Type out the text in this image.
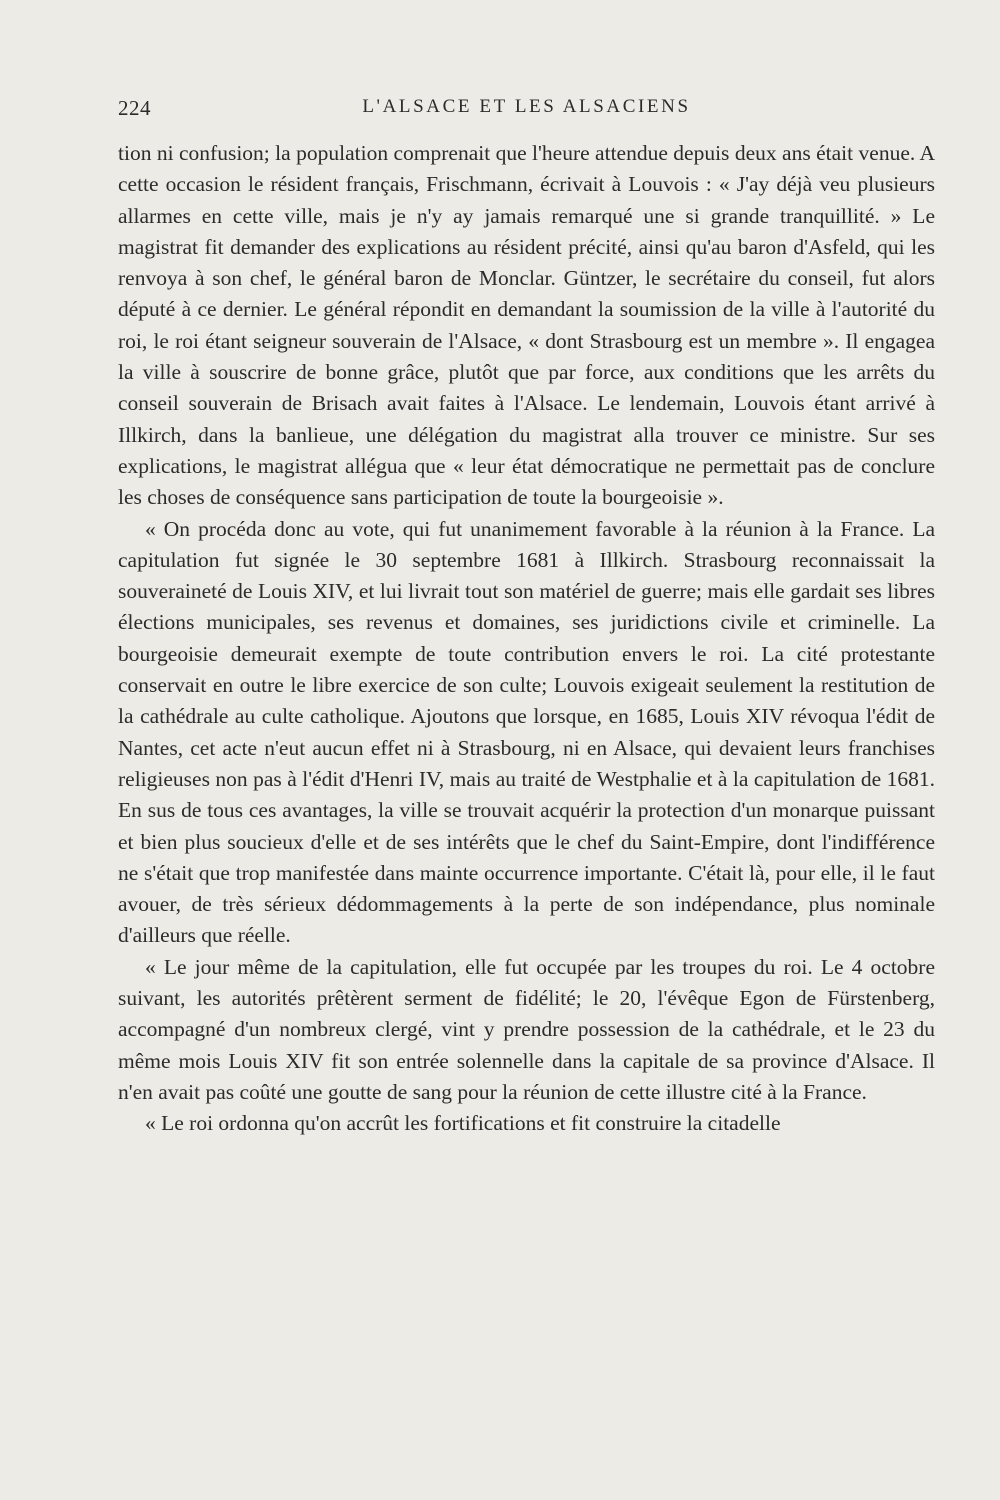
224	L'ALSACE ET LES ALSACIENS

tion ni confusion; la population comprenait que l'heure attendue depuis deux ans était venue. A cette occasion le résident français, Frischmann, écrivait à Louvois : « J'ay déjà veu plusieurs allarmes en cette ville, mais je n'y ay jamais remarqué une si grande tranquillité. » Le magistrat fit demander des explications au résident précité, ainsi qu'au baron d'Asfeld, qui les renvoya à son chef, le général baron de Monclar. Güntzer, le secrétaire du conseil, fut alors député à ce dernier. Le général répondit en demandant la soumission de la ville à l'autorité du roi, le roi étant seigneur souverain de l'Alsace, « dont Strasbourg est un membre ». Il engagea la ville à souscrire de bonne grâce, plutôt que par force, aux conditions que les arrêts du conseil souverain de Brisach avait faites à l'Alsace. Le lendemain, Louvois étant arrivé à Illkirch, dans la banlieue, une délégation du magistrat alla trouver ce ministre. Sur ses explications, le magistrat allégua que « leur état démocratique ne permettait pas de conclure les choses de conséquence sans participation de toute la bourgeoisie ».

« On procéda donc au vote, qui fut unanimement favorable à la réunion à la France. La capitulation fut signée le 30 septembre 1681 à Illkirch. Strasbourg reconnaissait la souveraineté de Louis XIV, et lui livrait tout son matériel de guerre; mais elle gardait ses libres élections municipales, ses revenus et domaines, ses juridictions civile et criminelle. La bourgeoisie demeurait exempte de toute contribution envers le roi. La cité protestante conservait en outre le libre exercice de son culte; Louvois exigeait seulement la restitution de la cathédrale au culte catholique. Ajoutons que lorsque, en 1685, Louis XIV révoqua l'édit de Nantes, cet acte n'eut aucun effet ni à Strasbourg, ni en Alsace, qui devaient leurs franchises religieuses non pas à l'édit d'Henri IV, mais au traité de Westphalie et à la capitulation de 1681. En sus de tous ces avantages, la ville se trouvait acquérir la protection d'un monarque puissant et bien plus soucieux d'elle et de ses intérêts que le chef du Saint-Empire, dont l'indifférence ne s'était que trop manifestée dans mainte occurrence importante. C'était là, pour elle, il le faut avouer, de très sérieux dédommagements à la perte de son indépendance, plus nominale d'ailleurs que réelle.

« Le jour même de la capitulation, elle fut occupée par les troupes du roi. Le 4 octobre suivant, les autorités prêtèrent serment de fidélité; le 20, l'évêque Egon de Fürstenberg, accompagné d'un nombreux clergé, vint y prendre possession de la cathédrale, et le 23 du même mois Louis XIV fit son entrée solennelle dans la capitale de sa province d'Alsace. Il n'en avait pas coûté une goutte de sang pour la réunion de cette illustre cité à la France.

« Le roi ordonna qu'on accrût les fortifications et fit construire la citadelle
